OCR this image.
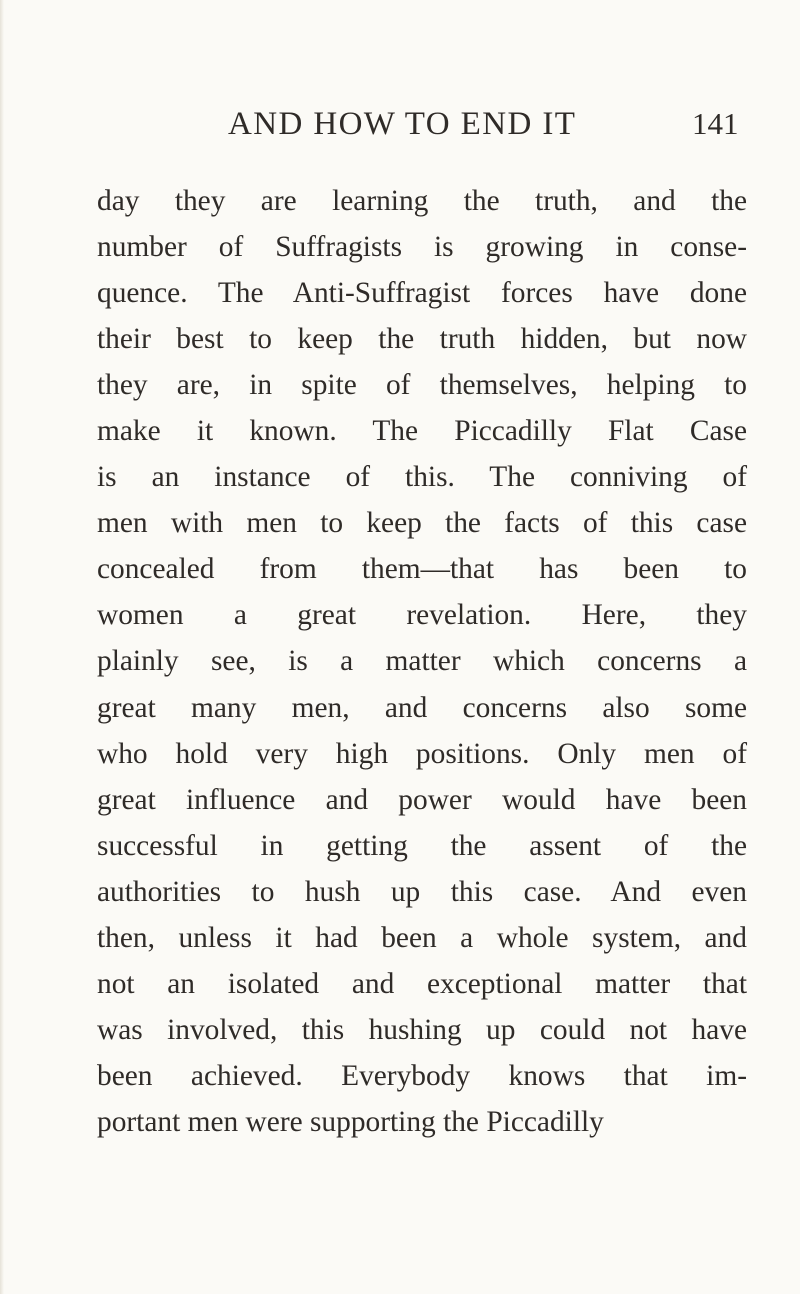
AND HOW TO END IT	141
day they are learning the truth, and the
number of Suffragists is growing in conse-
quence. The Anti-Suffragist forces have done
their best to keep the truth hidden, but now
they are, in spite of themselves, helping to
make it known. The Piccadilly Flat Case
is an instance of this. The conniving of
men with men to keep the facts of this case
concealed from them—that has been to
women a great revelation. Here, they
plainly see, is a matter which concerns a
great many men, and concerns also some
who hold very high positions. Only men of
great influence and power would have been
successful in getting the assent of the
authorities to hush up this case. And even
then, unless it had been a whole system, and
not an isolated and exceptional matter that
was involved, this hushing up could not have
been achieved. Everybody knows that im-
portant men were supporting the Piccadilly
